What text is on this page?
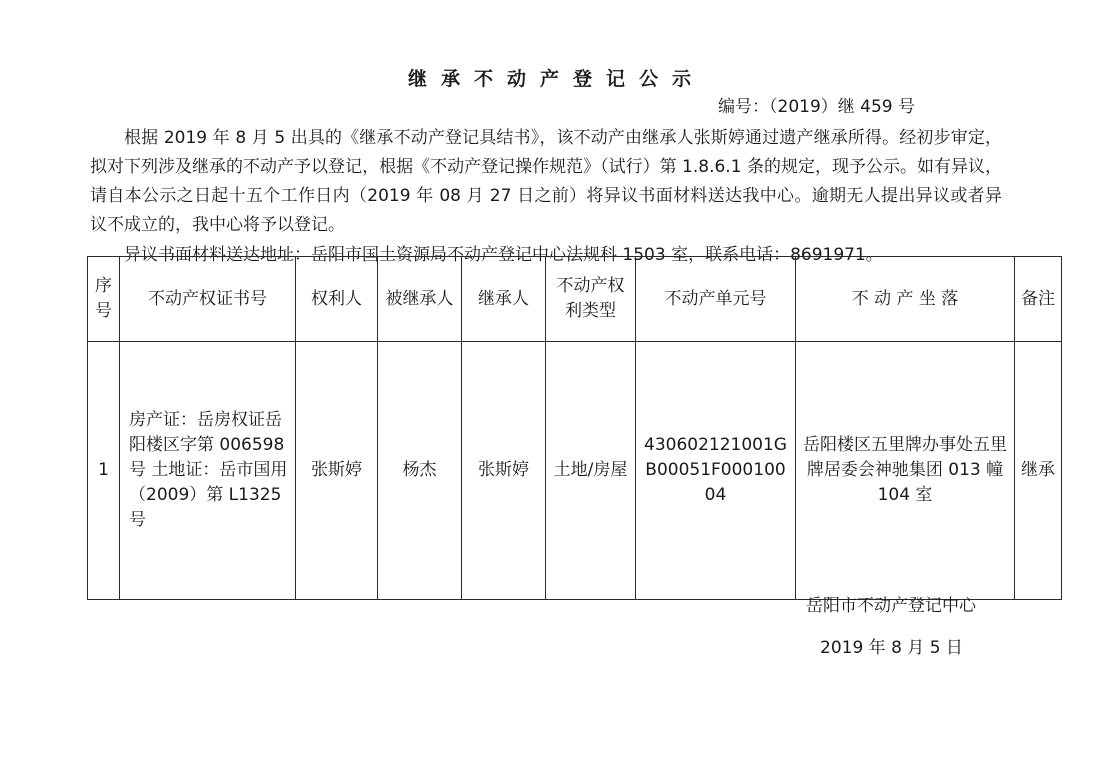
继承不动产登记公示
编号：（2019）继 459 号
根据 2019 年 8 月 5 出具的《继承不动产登记具结书》，该不动产由继承人张斯婷通过遗产继承所得。经初步审定， 拟对下列涉及继承的不动产予以登记，根据《不动产登记操作规范》（试行）第 1.8.6.1 条的规定，现予公示。如有异议，请自本公示之日起十五个工作日内（2019 年 08 月 27 日之前）将异议书面材料送达我中心。逾期无人提出异议或者异议不成立的，我中心将予以登记。
异议书面材料送达地址：岳阳市国土资源局不动产登记中心法规科 1503 室，联系电话：8691971。
序号	不动产权证书号	权利人	被继承人	继承人	不动产权利类型	不动产单元号	不 动 产 坐 落	备注
1	房产证：岳房权证岳阳楼区字第 006598 号 土地证：岳市国用（2009）第 L1325 号	张斯婷	杨杰	张斯婷	土地/房屋	430602121001GB00051F00010004	岳阳楼区五里牌办事处五里牌居委会神驰集团 013 幢 104 室	继承
岳阳市不动产登记中心
2019 年 8 月 5 日
